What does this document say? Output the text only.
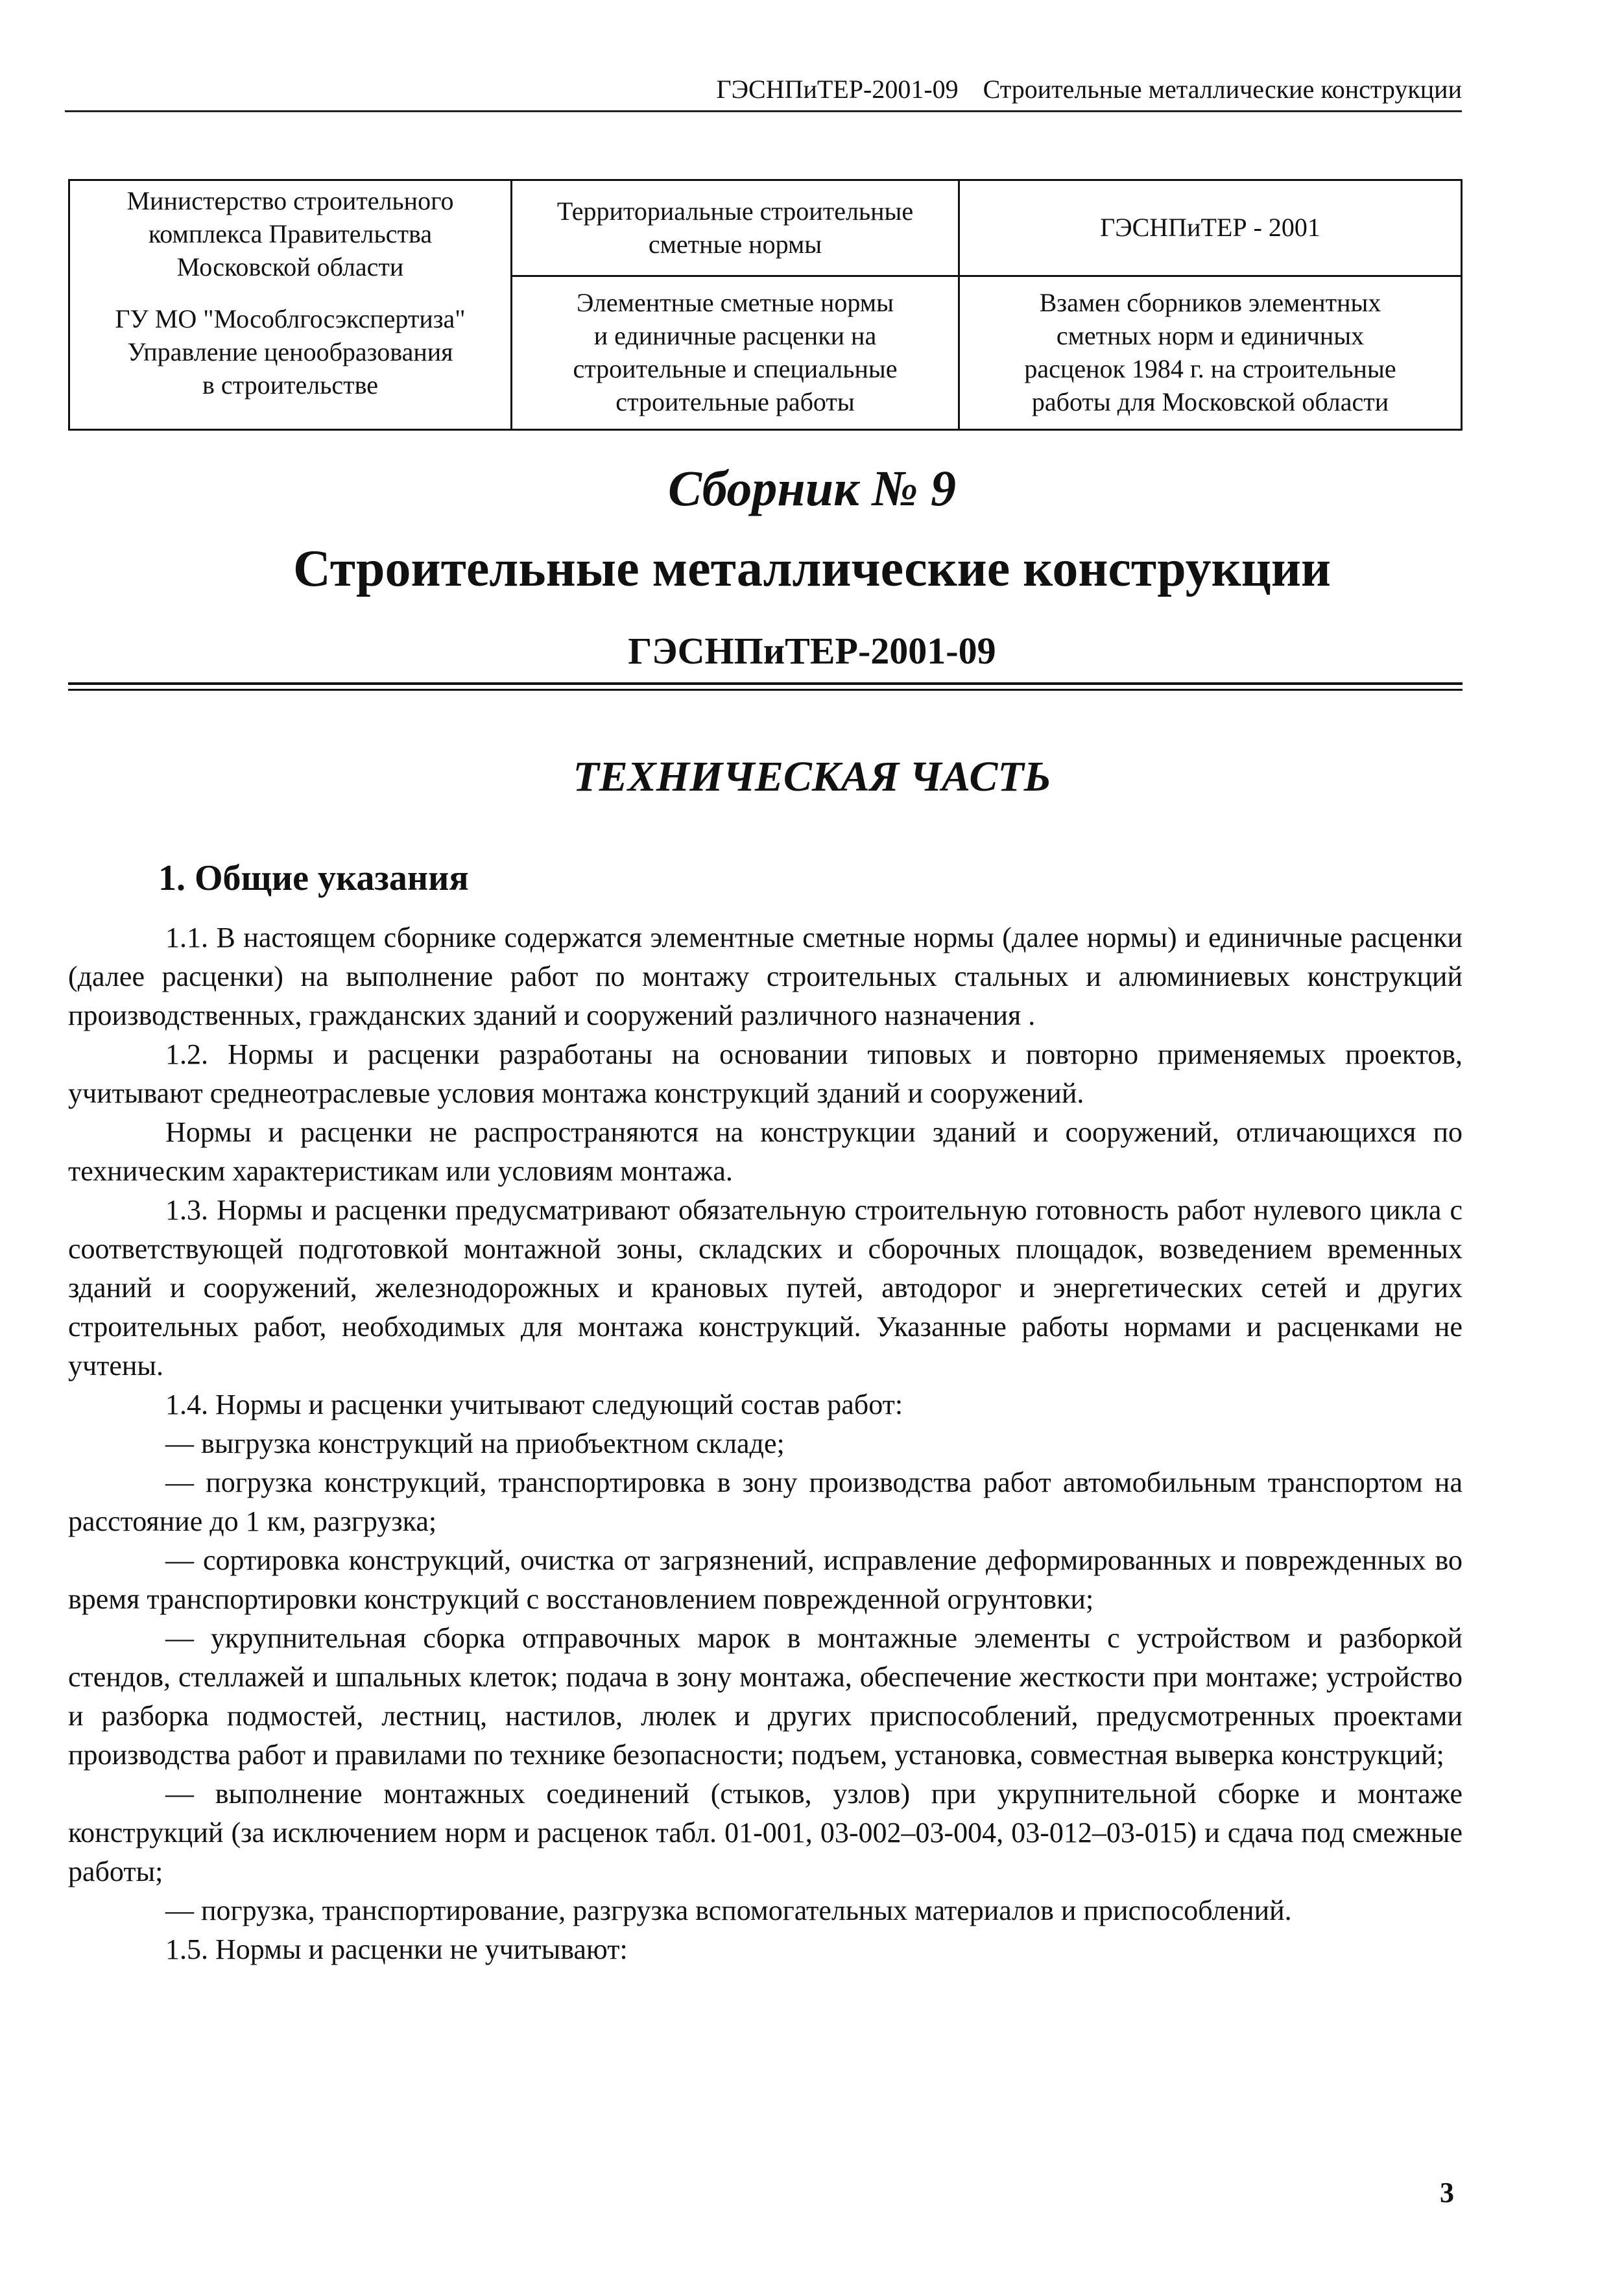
ГЭСНПиТЕР-2001-09 Строительные металлические конструкции
Министерство строительного
комплекса Правительства
Московской области
ГУ МО "Мособлгосэкспертиза"
Управление ценообразования
в строительстве
Территориальные строительные
сметные нормы
ГЭСНПиТЕР - 2001
Элементные сметные нормы
и единичные расценки на
строительные и специальные
строительные работы
Взамен сборников элементных
сметных норм и единичных
расценок 1984 г. на строительные
работы для Московской области
Сборник № 9
Строительные металлические конструкции
ГЭСНПиТЕР-2001-09
ТЕХНИЧЕСКАЯ ЧАСТЬ
1. Общие указания

1.1. В настоящем сборнике содержатся элементные сметные нормы (далее нормы) и единичные расценки (далее расценки) на выполнение работ по монтажу строительных стальных и алюминиевых конструкций производственных, гражданских зданий и сооружений различного назначения .

1.2. Нормы и расценки разработаны на основании типовых и повторно применяемых проектов, учитывают среднеотраслевые условия монтажа конструкций зданий и сооружений.

Нормы и расценки не распространяются на конструкции зданий и сооружений, отличающихся по техническим характеристикам или условиям монтажа.

1.3. Нормы и расценки предусматривают обязательную строительную готовность работ нулевого цикла с соответствующей подготовкой монтажной зоны, складских и сборочных площадок, возведением временных зданий и сооружений, железнодорожных и крановых путей, автодорог и энергетических сетей и других строительных работ, необходимых для монтажа конструкций. Указанные работы нормами и расценками не учтены.

1.4. Нормы и расценки учитывают следующий состав работ:

— выгрузка конструкций на приобъектном складе;

— погрузка конструкций, транспортировка в зону производства работ автомобильным транспортом на расстояние до 1 км, разгрузка;

— сортировка конструкций, очистка от загрязнений, исправление деформированных и поврежденных во время транспортировки конструкций с восстановлением поврежденной огрунтовки;

— укрупнительная сборка отправочных марок в монтажные элементы с устройством и разборкой стендов, стеллажей и шпальных клеток; подача в зону монтажа, обеспечение жесткости при монтаже; устройство и разборка подмостей, лестниц, настилов, люлек и других приспособлений, предусмотренных проектами производства работ и правилами по технике безопасности; подъем, установка, совместная выверка конструкций;

— выполнение монтажных соединений (стыков, узлов) при укрупнительной сборке и монтаже конструкций (за исключением норм и расценок табл. 01-001, 03-002–03-004, 03-012–03-015) и сдача под смежные работы;

— погрузка, транспортирование, разгрузка вспомогательных материалов и приспособлений.

1.5. Нормы и расценки не учитывают:

3
